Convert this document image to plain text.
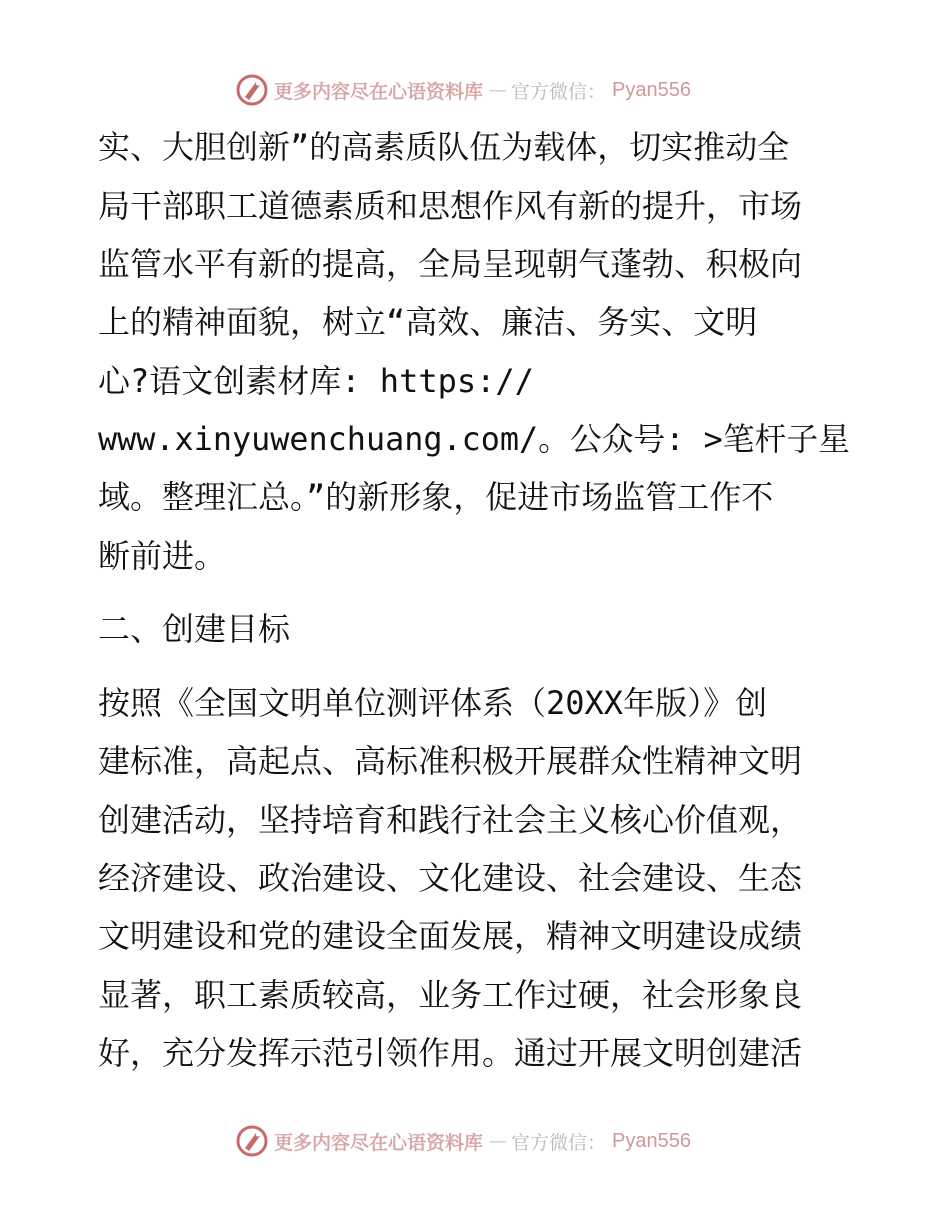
更多内容尽在心语资料库 — 官方微信： Pyan556
实、大胆创新”的高素质队伍为载体，切实推动全
局干部职工道德素质和思想作风有新的提升，市场
监管水平有新的提高，全局呈现朝气蓬勃、积极向
上的精神面貌，树立“高效、廉洁、务实、文明
心?语文创素材库: https://
www.xinyuwenchuang.com/。公众号: >笔杆子星
域。整理汇总。”的新形象，促进市场监管工作不
断前进。
二、创建目标
按照《全国文明单位测评体系（20XX年版）》创
建标准，高起点、高标准积极开展群众性精神文明
创建活动，坚持培育和践行社会主义核心价值观，
经济建设、政治建设、文化建设、社会建设、生态
文明建设和党的建设全面发展，精神文明建设成绩
显著，职工素质较高，业务工作过硬，社会形象良
好，充分发挥示范引领作用。通过开展文明创建活
更多内容尽在心语资料库 — 官方微信： Pyan556
